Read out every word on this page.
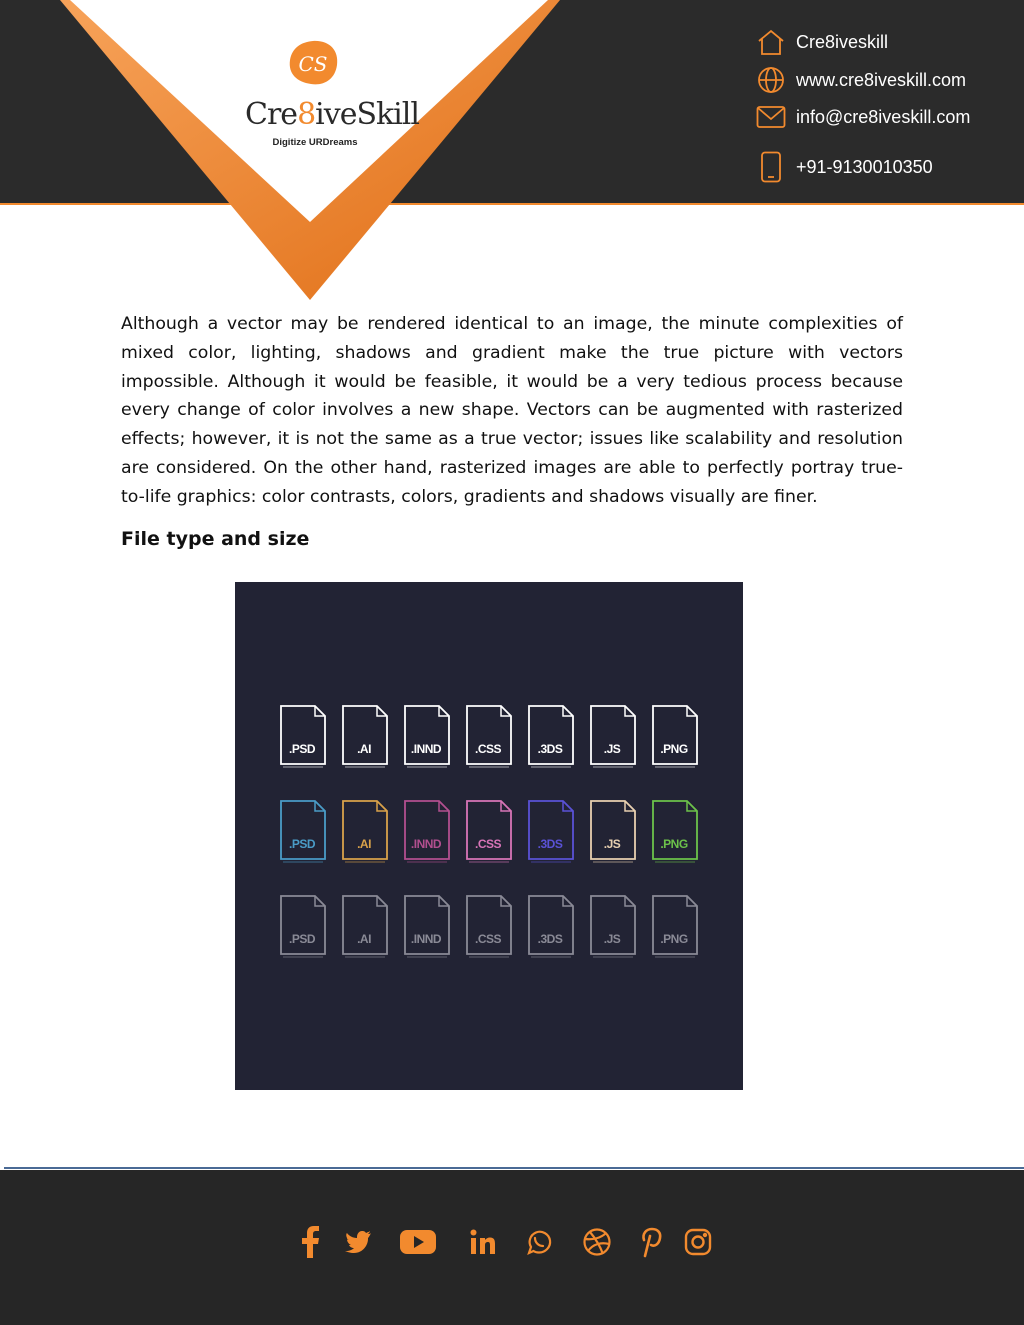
CS
Cre8iveSkill
Digitize URDreams
Cre8iveskill
www.cre8iveskill.com
info@cre8iveskill.com
+91-9130010350

Although a vector may be rendered identical to an image, the minute complexities of mixed color, lighting, shadows and gradient make the true picture with vectors impossible. Although it would be feasible, it would be a very tedious process because every change of color involves a new shape. Vectors can be augmented with rasterized effects; however, it is not the same as a true vector; issues like scalability and resolution are considered. On the other hand, rasterized images are able to perfectly portray true-to-life graphics: color contrasts, colors, gradients and shadows visually are finer.

File type and size
.PSD	.AI	.INND	.CSS	.3DS	.JS	.PNG
.PSD	.AI	.INND	.CSS	.3DS	.JS	.PNG
.PSD	.AI	.INND	.CSS	.3DS	.JS	.PNG
